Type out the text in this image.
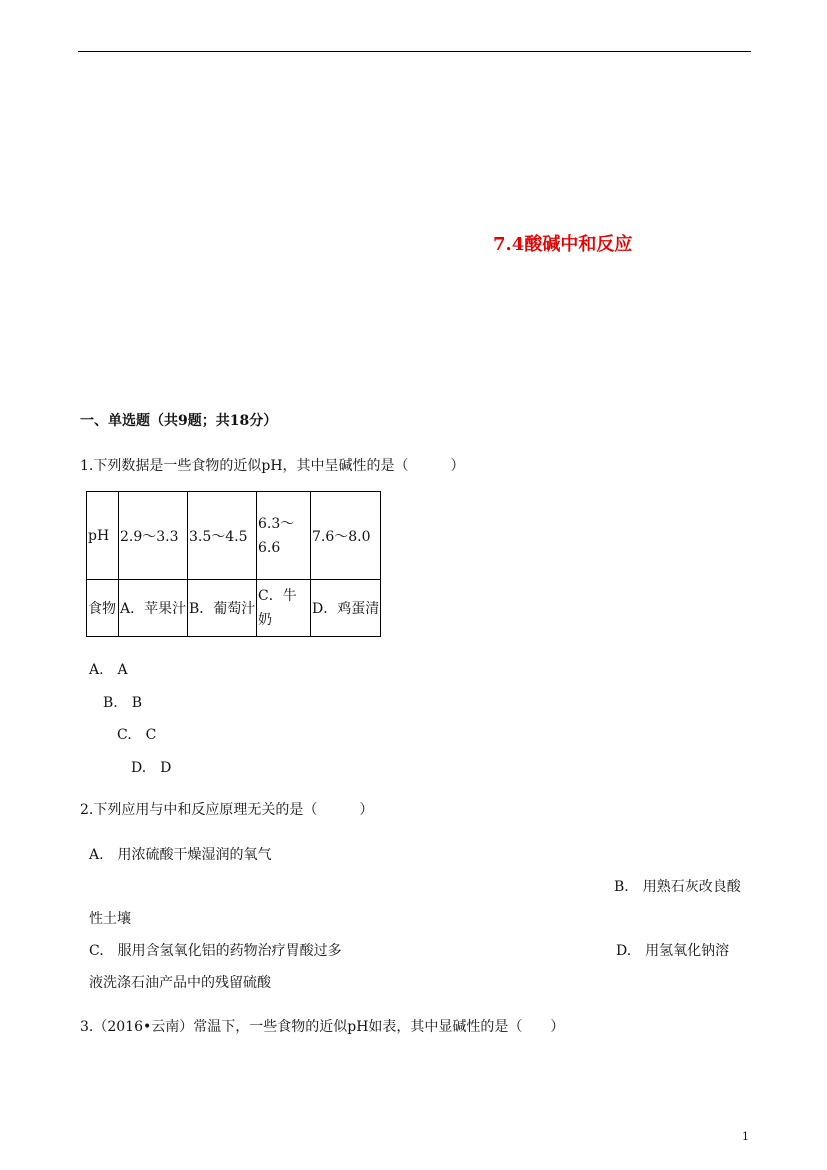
7.4酸碱中和反应
一、单选题（共9题；共18分）
1.下列数据是一些食物的近似pH，其中呈碱性的是（　　　）
pH	2.9～3.3	3.5～4.5	6.3～6.6	7.6～8.0
食物	A．苹果汁	B．葡萄汁	C．牛奶	D．鸡蛋清
A.　A
B.　B
C.　C
D.　D
2.下列应用与中和反应原理无关的是（　　　）
A.　用浓硫酸干燥湿润的氧气
B.　用熟石灰改良酸
性土壤
C.　服用含氢氧化铝的药物治疗胃酸过多	D.　用氢氧化钠溶
液洗涤石油产品中的残留硫酸
3.（2016•云南）常温下，一些食物的近似pH如表，其中显碱性的是（　　）
1
